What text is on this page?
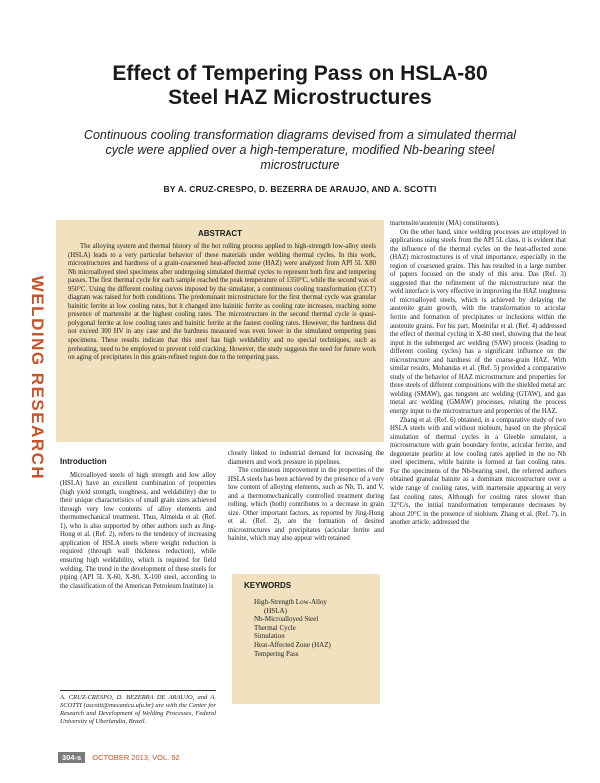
WELDING RESEARCH
Effect of Tempering Pass on HSLA-80
Steel HAZ Microstructures
Continuous cooling transformation diagrams devised from a simulated thermal cycle were applied over a high-temperature, modified Nb-bearing steel microstructure
BY A. CRUZ-CRESPO, D. BEZERRA DE ARAUJO, AND A. SCOTTI
ABSTRACT
The alloying system and thermal history of the hot rolling process applied to high-strength low-alloy steels (HSLA) leads to a very particular behavior of these materials under welding thermal cycles. In this work, microstructures and hardness of a grain-coarsened heat-affected zone (HAZ) were analyzed from API 5L X80 Nb microalloyed steel specimens after undergoing simulated thermal cycles to represent both first and tempering passes. The first thermal cycle for each sample reached the peak temperature of 1350°C, while the second was of 950°C. Using the different cooling curves imposed by the simulator, a continuous cooling transformation (CCT) diagram was raised for both conditions. The predominant microstructure for the first thermal cycle was granular bainitic ferrite at low cooling rates, but it changed into bainitic ferrite as cooling rate increases, reaching some presence of martensite at the highest cooling rates. The microstructure in the second thermal cycle is quasi-polygonal ferrite at low cooling rates and bainitic ferrite at the fastest cooling rates. However, the hardness did not exceed 300 HV in any case and the hardness measured was even lower in the simulated tempering pass specimens. These results indicate that this steel has high weldability and no special techniques, such as preheating, need to be employed to prevent cold cracking. However, the study suggests the need for future work on aging of precipitates in this grain-refined region due to the tempering pass.
Introduction

Microalloyed steels of high strength and low alloy (HSLA) have an excellent combination of properties (high yield strength, toughness, and weldability) due to their unique characteristics of small grain sizes achieved through very low contents of alloy elements and thermomechanical treatment. Thus, Almeida et al. (Ref. 1), who is also supported by other authors such as Jing-Hong et al. (Ref. 2), refers to the tendency of increasing application of HSLA steels where weight reduction is required (through wall thickness reduction), while ensuring high weldability, which is required for field welding. The trend in the development of these steels for piping (API 5L X-60, X-80, X-100 steel, according to the classification of the American Petroleum Institute) is

closely linked to industrial demand for increasing the diameters and work pressure in pipelines.

The continuous improvement in the properties of the HSLA steels has been achieved by the presence of a very low content of alloying elements, such as Nb, Ti, and V, and a thermomechanically controlled treatment during rolling, which (both) contributes to a decrease in grain size. Other important factors, as reported by Jing-Hong et al. (Ref. 2), are the formation of desired microstructures and precipitates (acicular ferrite and bainite, which may also appear with retained

martensite/austenite (MA) constituents).

On the other hand, since welding processes are employed in applications using steels from the API 5L class, it is evident that the influence of the thermal cycles on the heat-affected zone (HAZ) microstructures is of vital importance, especially in the region of coarsened grains. This has resulted in a large number of papers focused on the study of this area. Das (Ref. 3) suggested that the refinement of the microstructure near the weld interface is very effective in improving the HAZ toughness of microalloyed steels, which is achieved by delaying the austenite grain growth, with the transformation to acicular ferrite and formation of precipitates or inclusions within the austenite grains. For his part, Moeinifar et al. (Ref. 4) addressed the effect of thermal cycling in X-80 steel, showing that the heat input in the submerged arc welding (SAW) process (leading to different cooling cycles) has a significant influence on the microstructure and hardness of the coarse-grain HAZ. With similar results, Mohandas et al. (Ref. 5) provided a comparative study of the behavior of HAZ microstructure and properties for three steels of different compositions with the shielded metal arc welding (SMAW), gas tungsten arc welding (GTAW), and gas metal arc welding (GMAW) processes, relating the process energy input to the microstructure and properties of the HAZ.

Zhang et al. (Ref. 6) obtained, in a comparative study of two HSLA steels with and without niobium, based on the physical simulation of thermal cycles in a Gleeble simulator, a microstructure with grain boundary ferrite, acicular ferrite, and degenerate pearlite at low cooling rates applied in the no Nb steel specimens, while bainite is formed at fast cooling rates. For the specimens of the Nb-bearing steel, the referred authors obtained granular bainite as a dominant microstructure over a wide range of cooling rates, with martensite appearing at very fast cooling rates. Although for cooling rates slower than 32°C/s, the initial transformation temperature decreases by about 20°C in the presence of niobium. Zhang et al. (Ref. 7), in another article, addressed the

A. CRUZ-CRESPO, D. BEZERRA DE ARAUJO, and A. SCOTTI (ascotti@mecanica.ufu.br) are with the Center for Research and Development of Welding Processes, Federal University of Uberlandia, Brazil.
KEYWORDS
High-Strength Low-Alloy
(HSLA)
Nb-Microalloyed Steel
Thermal Cycle
Simulation
Heat-Affected Zone (HAZ)
Tempering Pass
304-s OCTOBER 2013, VOL. 92
